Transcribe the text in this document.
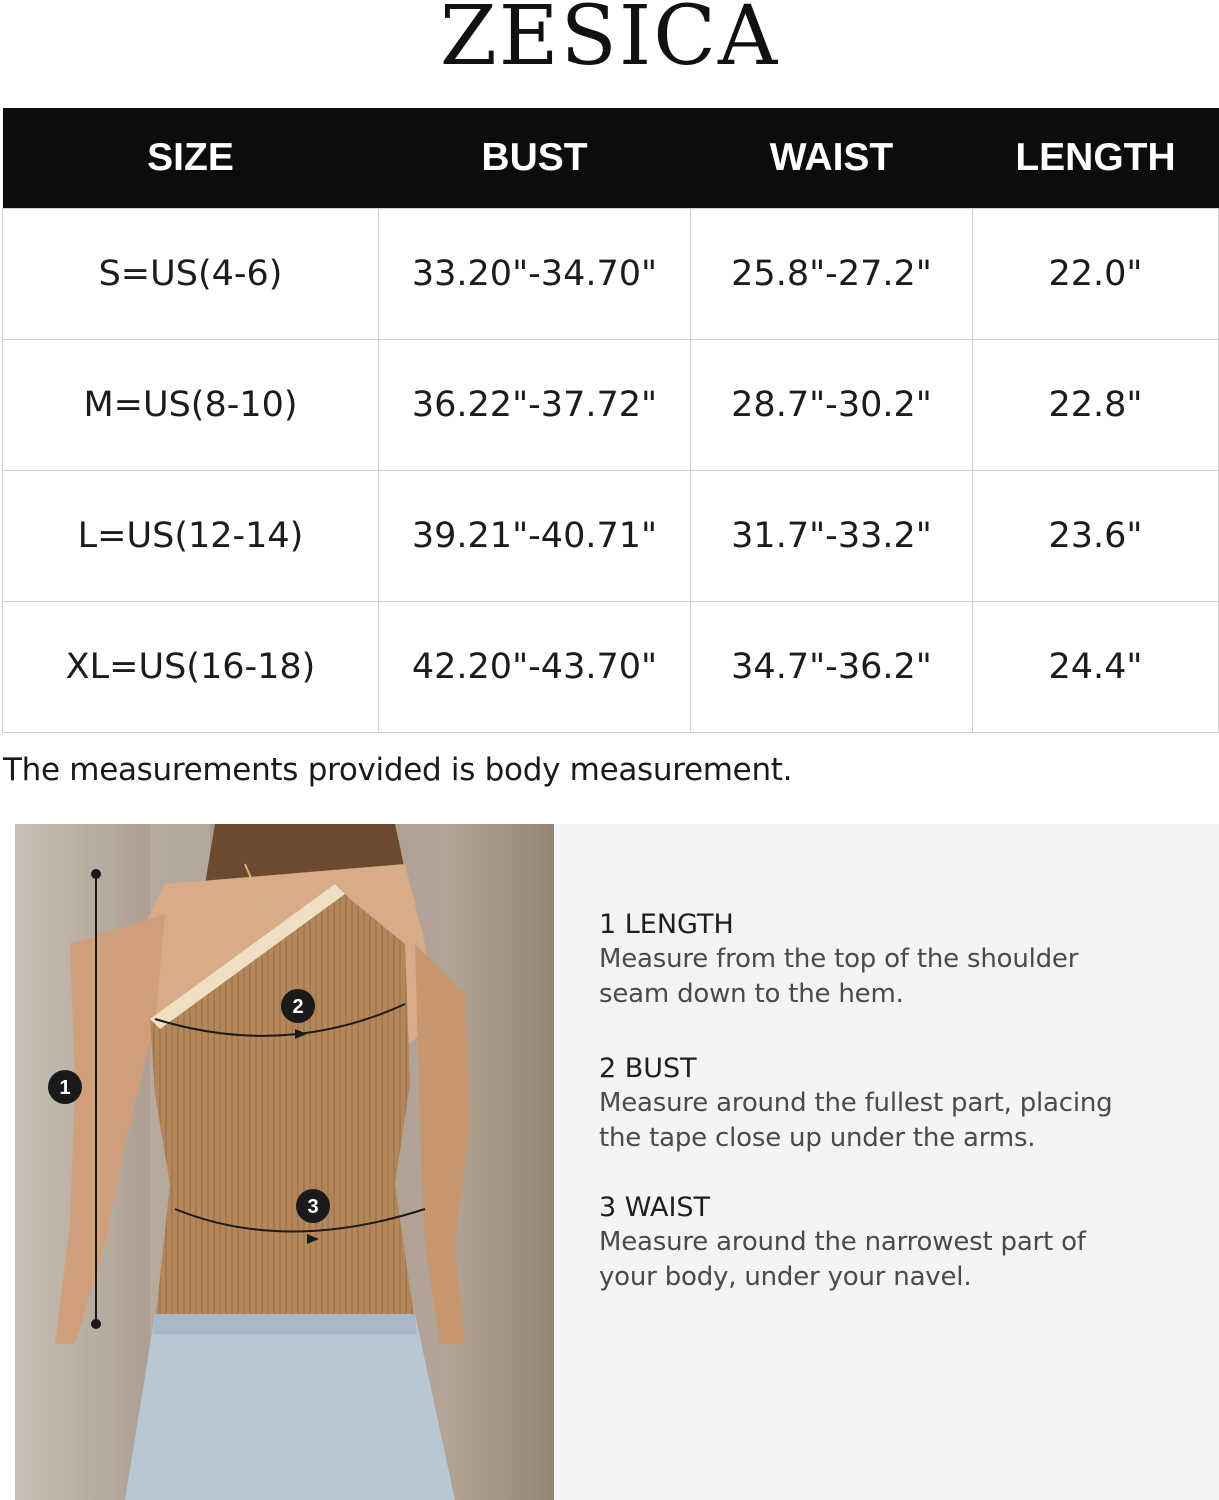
ZESICA
SIZE	BUST	WAIST	LENGTH
S=US(4-6)	33.20"-34.70"	25.8"-27.2"	22.0"
M=US(8-10)	36.22"-37.72"	28.7"-30.2"	22.8"
L=US(12-14)	39.21"-40.71"	31.7"-33.2"	23.6"
XL=US(16-18)	42.20"-43.70"	34.7"-36.2"	24.4"
The measurements provided is body measurement.
1
2
3
1 LENGTH
Measure from the top of the shoulder
seam down to the hem.
2 BUST
Measure around the fullest part, placing
the tape close up under the arms.
3 WAIST
Measure around the narrowest part of
your body, under your navel.
